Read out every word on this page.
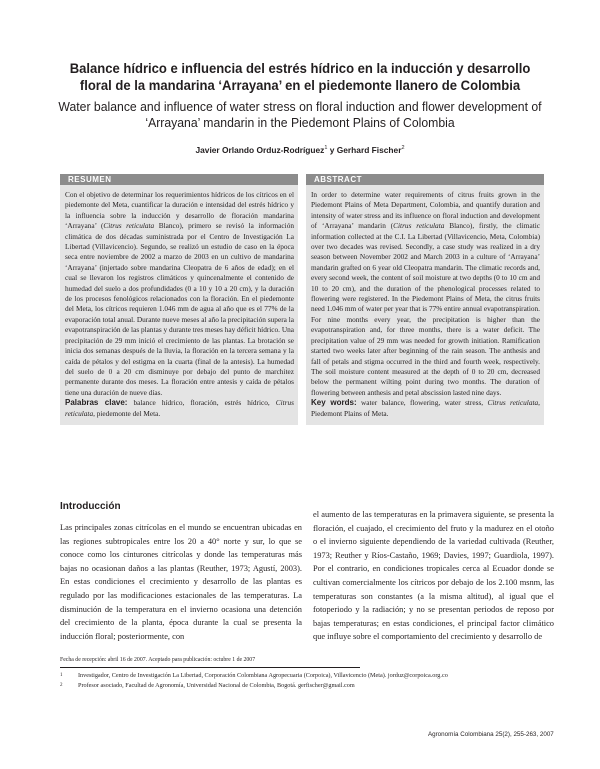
Balance hídrico e influencia del estrés hídrico en la inducción y desarrollo floral de la mandarina ‘Arrayana’ en el piedemonte llanero de Colombia
Water balance and influence of water stress on floral induction and flower development of ‘Arrayana’ mandarin in the Piedemont Plains of Colombia
Javier Orlando Orduz-Rodríguez$^1$ y Gerhard Fischer$^2$
RESUMEN

Con el objetivo de determinar los requerimientos hídricos de los cítricos en el piedemonte del Meta, cuantificar la duración e intensidad del estrés hídrico y la influencia sobre la inducción y desarrollo de floración mandarina ‘Arrayana’ (Citrus reticulata Blanco), primero se revisó la información climática de dos décadas suministrada por el Centro de Investigación La Libertad (Villavicencio). Segundo, se realizó un estudio de caso en la época seca entre noviembre de 2002 a marzo de 2003 en un cultivo de mandarina ‘Arrayana’ (injertado sobre mandarina Cleopatra de 6 años de edad); en el cual se llevaron los registros climáticos y quincenalmente el contenido de humedad del suelo a dos profundidades (0 a 10 y 10 a 20 cm), y la duración de los procesos fenológicos relacionados con la floración. En el piedemonte del Meta, los cítricos requieren 1.046 mm de agua al año que es el 77% de la evaporación total anual. Durante nueve meses al año la precipitación supera la evapotranspiración de las plantas y durante tres meses hay déficit hídrico. Una precipitación de 29 mm inició el crecimiento de las plantas. La brotación se inicia dos semanas después de la lluvia, la floración en la tercera semana y la caída de pétalos y del estigma en la cuarta (final de la antesis). La humedad del suelo de 0 a 20 cm disminuye por debajo del punto de marchitez permanente durante dos meses. La floración entre antesis y caída de pétalos tiene una duración de nueve días.

Palabras clave: balance hídrico, floración, estrés hídrico, Citrus reticulata, piedemonte del Meta.

ABSTRACT

In order to determine water requirements of citrus fruits grown in the Piedemont Plains of Meta Department, Colombia, and quantify duration and intensity of water stress and its influence on floral induction and development of ‘Arrayana’ mandarin (Citrus reticulata Blanco), firstly, the climatic information collected at the C.I. La Libertad (Villavicencio, Meta, Colombia) over two decades was revised. Secondly, a case study was realized in a dry season between November 2002 and March 2003 in a culture of ‘Arrayana’ mandarin grafted on 6 year old Cleopatra mandarin. The climatic records and, every second week, the content of soil moisture at two depths (0 to 10 cm and 10 to 20 cm), and the duration of the phenological processes related to flowering were registered. In the Piedemont Plains of Meta, the citrus fruits need 1.046 mm of water per year that is 77% entire annual evapotranspiration. For nine months every year, the precipitation is higher than the evapotranspiration and, for three months, there is a water deficit. The precipitation value of 29 mm was needed for growth initiation. Ramification started two weeks later after beginning of the rain season. The anthesis and fall of petals and stigma occurred in the third and fourth week, respectively. The soil moisture content measured at the depth of 0 to 20 cm, decreased below the permanent wilting point during two months. The duration of flowering between anthesis and petal abscission lasted nine days.

Key words: water balance, flowering, water stress, Citrus reticulata, Piedemont Plains of Meta.

Introducción

Las principales zonas citrícolas en el mundo se encuentran ubicadas en las regiones subtropicales entre los 20 a 40° norte y sur, lo que se conoce como los cinturones citrícolas y donde las temperaturas más bajas no ocasionan daños a las plantas (Reuther, 1973; Agustí, 2003). En estas condiciones el crecimiento y desarrollo de las plantas es regulado por las modificaciones estacionales de las temperaturas. La disminución de la temperatura en el invierno ocasiona una detención del crecimiento de la planta, época durante la cual se presenta la inducción floral; posteriormente, con

el aumento de las temperaturas en la primavera siguiente, se presenta la floración, el cuajado, el crecimiento del fruto y la madurez en el otoño o el invierno siguiente dependiendo de la variedad cultivada (Reuther, 1973; Reuther y Ríos-Castaño, 1969; Davies, 1997; Guardiola, 1997). Por el contrario, en condiciones tropicales cerca al Ecuador donde se cultivan comercialmente los cítricos por debajo de los 2.100 msnm, las temperaturas son constantes (a la misma altitud), al igual que el fotoperiodo y la radiación; y no se presentan periodos de reposo por bajas temperaturas; en estas condiciones, el principal factor climático que influye sobre el comportamiento del crecimiento y desarrollo de

Fecha de recepción: abril 16 de 2007. Aceptado para publicación: octubre 1 de 2007
1	Investigador, Centro de Investigación La Libertad, Corporación Colombiana Agropecuaria (Corpoica), Villavicencio (Meta). jorduz@corpoica.org.co
2	Profesor asociado, Facultad de Agronomía, Universidad Nacional de Colombia, Bogotá. gerfischer@gmail.com
Agronomía Colombiana 25(2), 255-263, 2007
